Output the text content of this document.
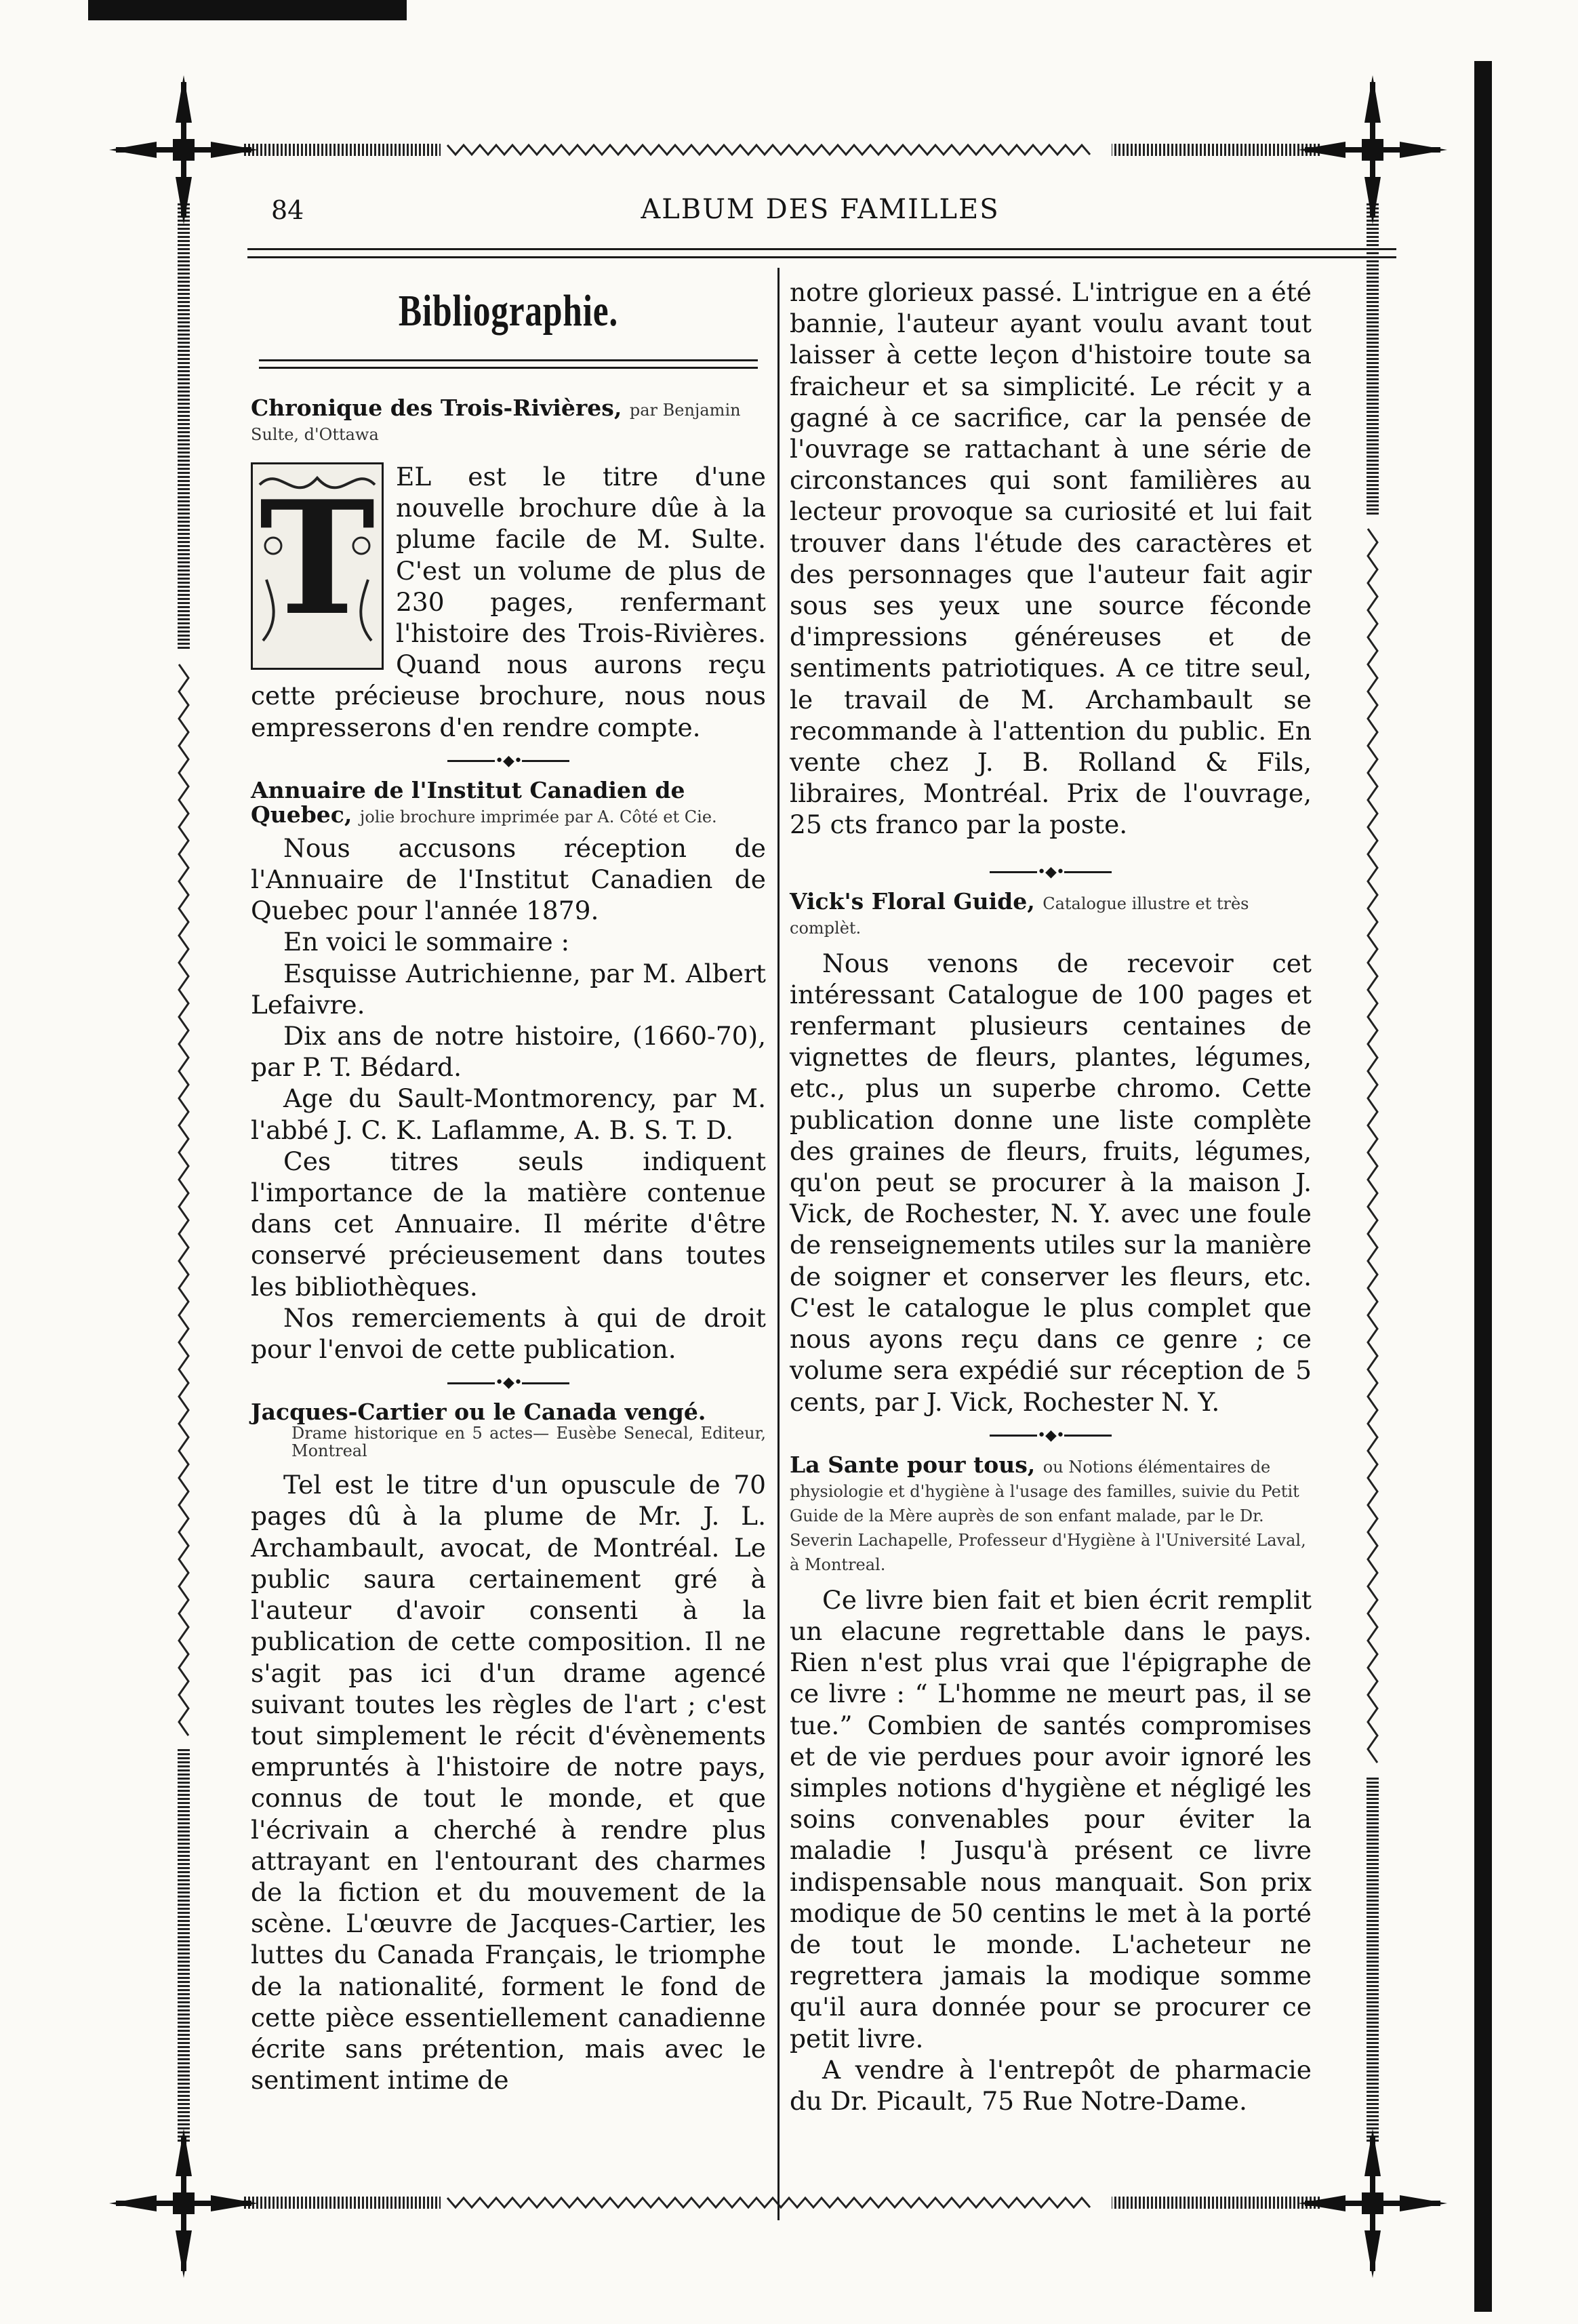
84	ALBUM DES FAMILLES
Bibliographie.

Chronique des Trois-Rivières, par Benjamin Sulte, d'Ottawa

T EL est le titre d'une nouvelle brochure dûe à la plume facile de M. Sulte. C'est un volume de plus de 230 pages, renfermant l'histoire des Trois-Rivières. Quand nous aurons reçu cette précieuse brochure, nous nous empresserons d'en rendre compte.

•◆•

Annuaire de l'Institut Canadien de Quebec, jolie brochure imprimée par A. Côté et Cie.

Nous accusons réception de l'Annuaire de l'Institut Canadien de Quebec pour l'année 1879.

En voici le sommaire :

Esquisse Autrichienne, par M. Albert Lefaivre.

Dix ans de notre histoire, (1660-70), par P. T. Bédard.

Age du Sault-Montmorency, par M. l'abbé J. C. K. Laflamme, A. B. S. T. D.

Ces titres seuls indiquent l'importance de la matière contenue dans cet Annuaire. Il mérite d'être conservé précieusement dans toutes les bibliothèques.

Nos remerciements à qui de droit pour l'envoi de cette publication.

•◆•

Jacques-Cartier ou le Canada vengé.

Drame historique en 5 actes— Eusèbe Senecal, Editeur, Montreal

Tel est le titre d'un opuscule de 70 pages dû à la plume de Mr. J. L. Archambault, avocat, de Montréal. Le public saura certainement gré à l'auteur d'avoir consenti à la publication de cette composition. Il ne s'agit pas ici d'un drame agencé suivant toutes les règles de l'art ; c'est tout simplement le récit d'évènements empruntés à l'histoire de notre pays, connus de tout le monde, et que l'écrivain a cherché à rendre plus attrayant en l'entourant des charmes de la fiction et du mouvement de la scène. L'œuvre de Jacques-Cartier, les luttes du Canada Français, le triomphe de la nationalité, forment le fond de cette pièce essentiellement canadienne écrite sans prétention, mais avec le sentiment intime de

notre glorieux passé. L'intrigue en a été bannie, l'auteur ayant voulu avant tout laisser à cette leçon d'histoire toute sa fraicheur et sa simplicité. Le récit y a gagné à ce sacrifice, car la pensée de l'ouvrage se rattachant à une série de circonstances qui sont familières au lecteur provoque sa curiosité et lui fait trouver dans l'étude des caractères et des personnages que l'auteur fait agir sous ses yeux une source féconde d'impressions généreuses et de sentiments patriotiques. A ce titre seul, le travail de M. Archambault se recommande à l'attention du public. En vente chez J. B. Rolland & Fils, libraires, Montréal. Prix de l'ouvrage, 25 cts franco par la poste.

•◆•

Vick's Floral Guide, Catalogue illustre et très complèt.

Nous venons de recevoir cet intéressant Catalogue de 100 pages et renfermant plusieurs centaines de vignettes de fleurs, plantes, légumes, etc., plus un superbe chromo. Cette publication donne une liste complète des graines de fleurs, fruits, légumes, qu'on peut se procurer à la maison J. Vick, de Rochester, N. Y. avec une foule de renseignements utiles sur la manière de soigner et conserver les fleurs, etc. C'est le catalogue le plus complet que nous ayons reçu dans ce genre ; ce volume sera expédié sur réception de 5 cents, par J. Vick, Rochester N. Y.

•◆•

La Sante pour tous, ou Notions élémentaires de physiologie et d'hygiène à l'usage des familles, suivie du Petit Guide de la Mère auprès de son enfant malade, par le Dr. Severin Lachapelle, Professeur d'Hygiène à l'Université Laval, à Montreal.

Ce livre bien fait et bien écrit remplit un elacune regrettable dans le pays. Rien n'est plus vrai que l'épigraphe de ce livre : “ L'homme ne meurt pas, il se tue.” Combien de santés compromises et de vie perdues pour avoir ignoré les simples notions d'hygiène et négligé les soins convenables pour éviter la maladie ! Jusqu'à présent ce livre indispensable nous manquait. Son prix modique de 50 centins le met à la porté de tout le monde. L'acheteur ne regrettera jamais la modique somme qu'il aura donnée pour se procurer ce petit livre.

A vendre à l'entrepôt de pharmacie du Dr. Picault, 75 Rue Notre-Dame.
